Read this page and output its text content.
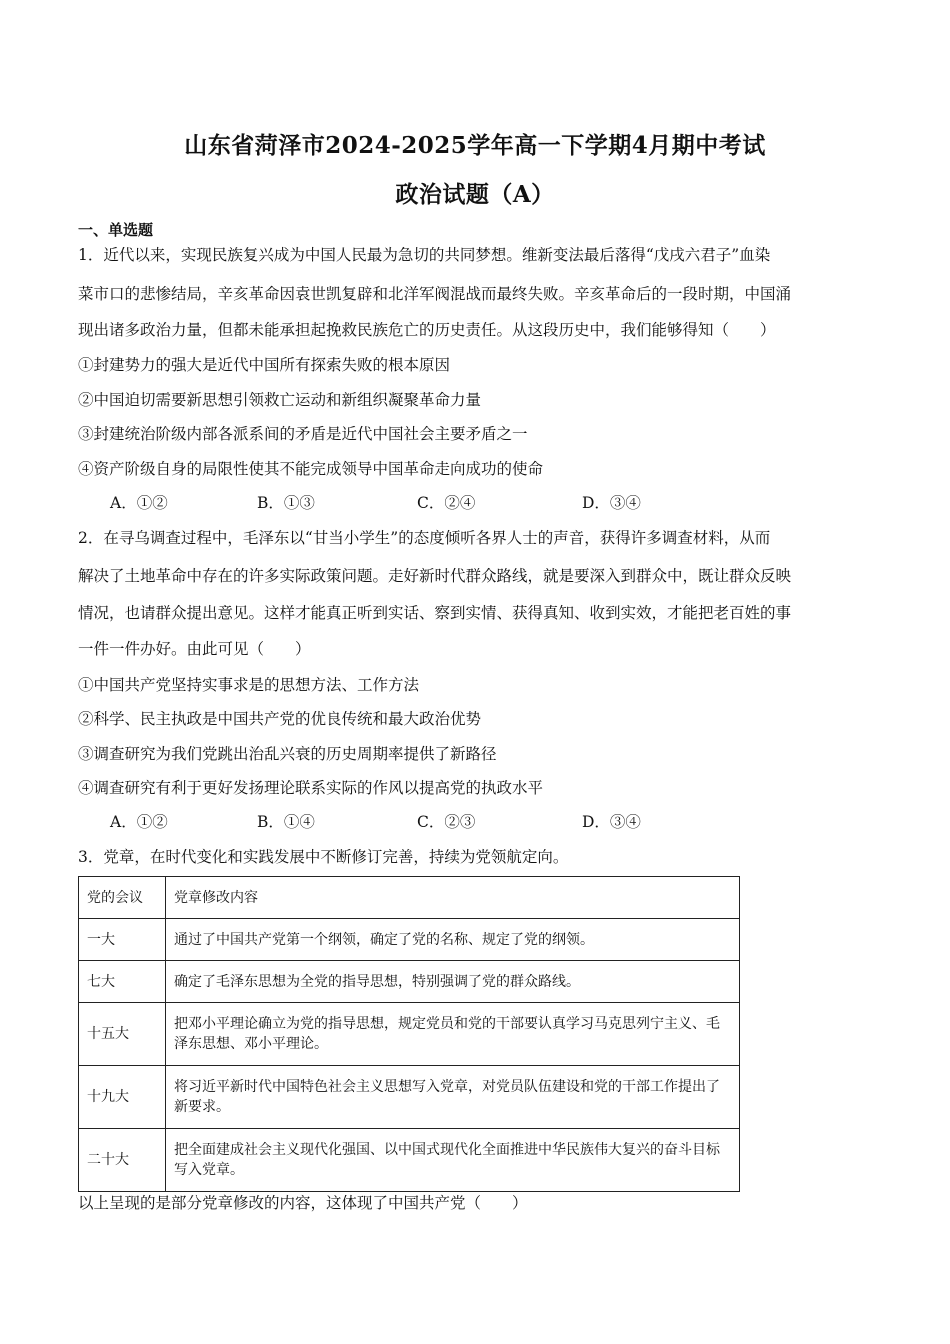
山东省菏泽市2024-2025学年高一下学期4月期中考试
政治试题（A）
一、单选题
1．近代以来，实现民族复兴成为中国人民最为急切的共同梦想。维新变法最后落得“戊戌六君子”血染
菜市口的悲惨结局，辛亥革命因袁世凯复辟和北洋军阀混战而最终失败。辛亥革命后的一段时期，中国涌
现出诸多政治力量，但都未能承担起挽救民族危亡的历史责任。从这段历史中，我们能够得知（　　）
①封建势力的强大是近代中国所有探索失败的根本原因
②中国迫切需要新思想引领救亡运动和新组织凝聚革命力量
③封建统治阶级内部各派系间的矛盾是近代中国社会主要矛盾之一
④资产阶级自身的局限性使其不能完成领导中国革命走向成功的使命
A．①②	B．①③	C．②④	D．③④
2．在寻乌调查过程中，毛泽东以“甘当小学生”的态度倾听各界人士的声音，获得许多调查材料，从而
解决了土地革命中存在的许多实际政策问题。走好新时代群众路线，就是要深入到群众中，既让群众反映
情况，也请群众提出意见。这样才能真正听到实话、察到实情、获得真知、收到实效，才能把老百姓的事
一件一件办好。由此可见（　　）
①中国共产党坚持实事求是的思想方法、工作方法
②科学、民主执政是中国共产党的优良传统和最大政治优势
③调查研究为我们党跳出治乱兴衰的历史周期率提供了新路径
④调查研究有利于更好发扬理论联系实际的作风以提高党的执政水平
A．①②	B．①④	C．②③	D．③④
3．党章，在时代变化和实践发展中不断修订完善，持续为党领航定向。
党的会议	党章修改内容
一大	通过了中国共产党第一个纲领，确定了党的名称、规定了党的纲领。
七大	确定了毛泽东思想为全党的指导思想，特别强调了党的群众路线。
十五大	把邓小平理论确立为党的指导思想，规定党员和党的干部要认真学习马克思列宁主义、毛泽东思想、邓小平理论。
十九大	将习近平新时代中国特色社会主义思想写入党章，对党员队伍建设和党的干部工作提出了新要求。
二十大	把全面建成社会主义现代化强国、以中国式现代化全面推进中华民族伟大复兴的奋斗目标写入党章。
以上呈现的是部分党章修改的内容，这体现了中国共产党（　　）
